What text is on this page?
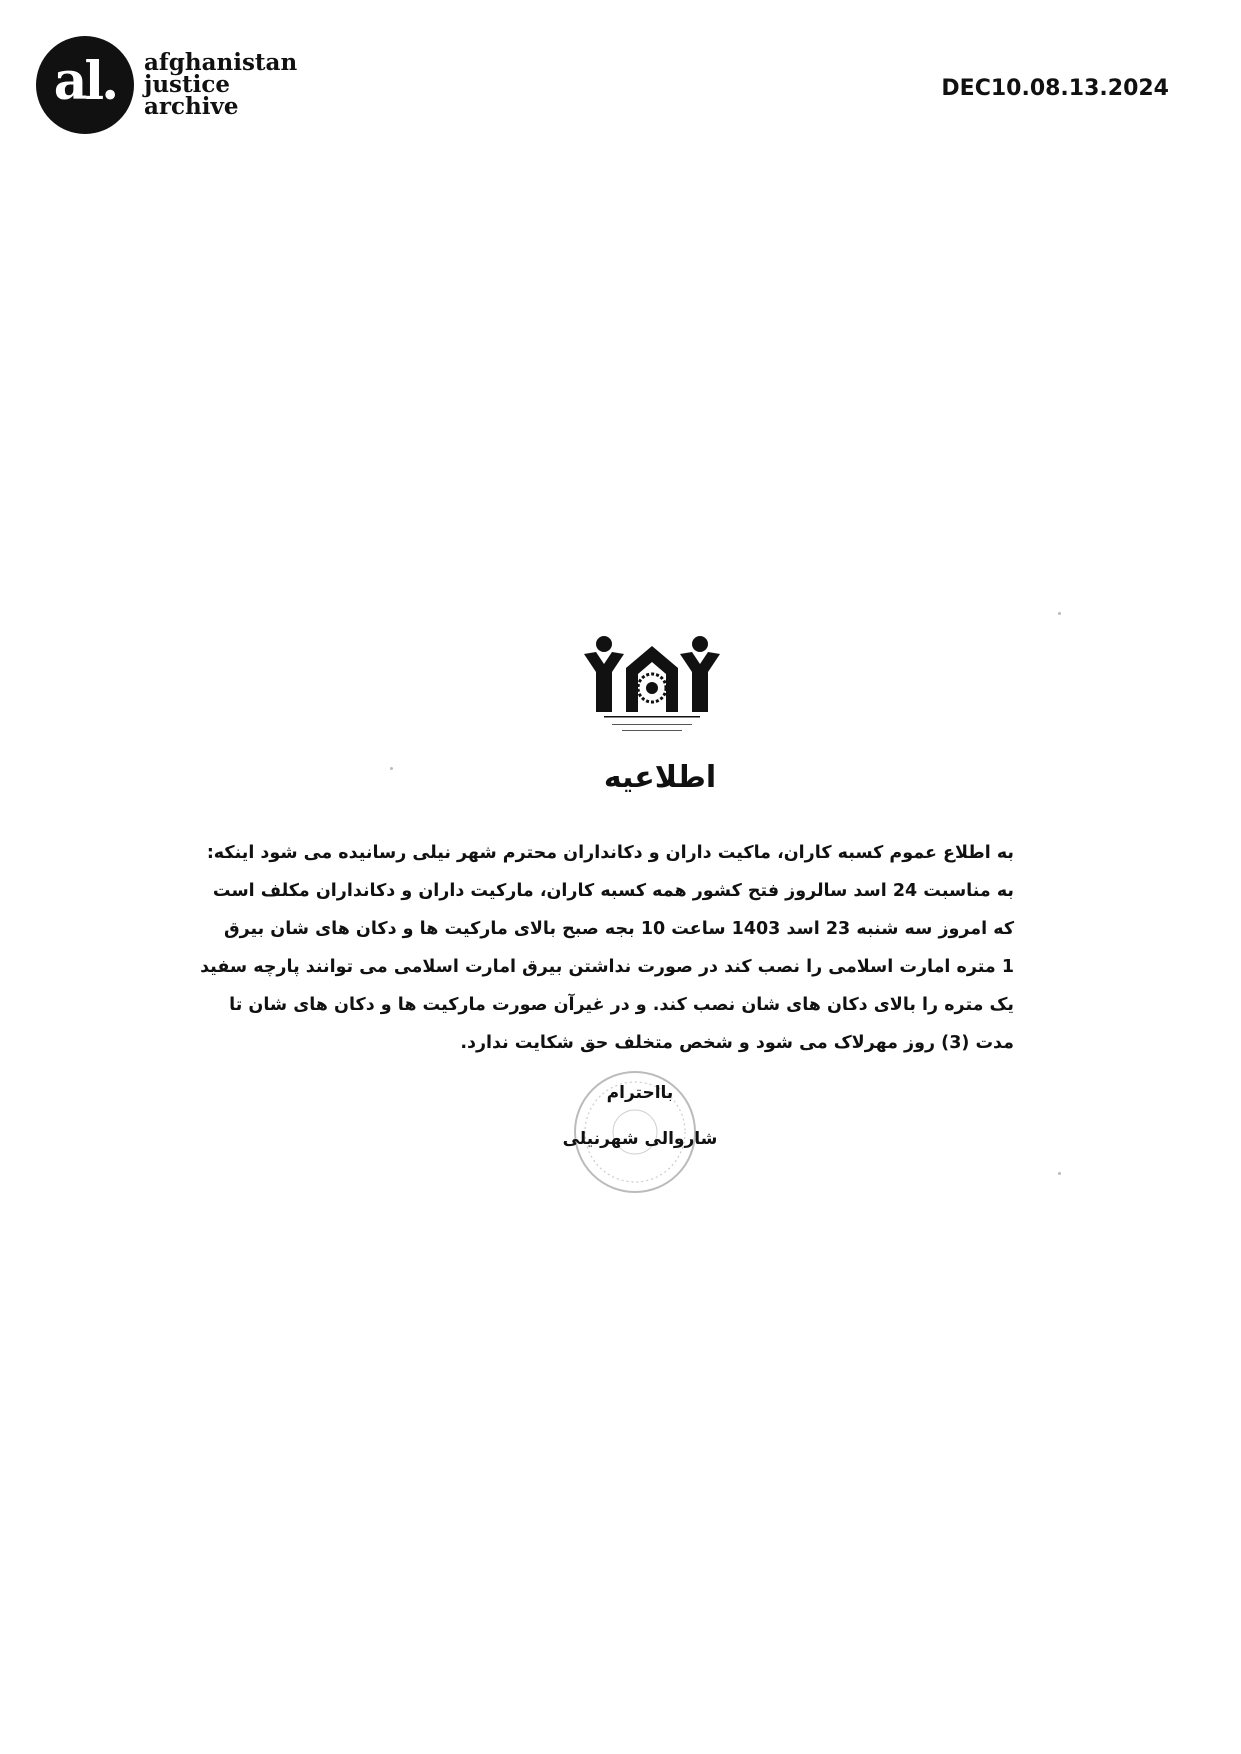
al.	afghanistan
justice
archive
DEC10.08.13.2024
اطلاعیه
به اطلاع عموم کسبه کاران، ماکیت داران و دکانداران محترم شهر نیلی رسانیده می شود اینکه:
به مناسبت 24 اسد سالروز فتح کشور همه کسبه کاران، مارکیت داران و دکانداران مکلف است
که امروز سه شنبه 23 اسد 1403 ساعت 10 بجه صبح بالای مارکیت ها و دکان های شان بیرق
1 متره امارت اسلامی را نصب کند در صورت نداشتن بیرق امارت اسلامی می توانند پارچه سفید
یک متره را بالای دکان های شان نصب کند. و در غیرآن صورت مارکیت ها و دکان های شان تا
مدت (3) روز مهرلاک می شود و شخص متخلف حق شکایت ندارد.
بااحترام
شاروالی شهرنیلی
